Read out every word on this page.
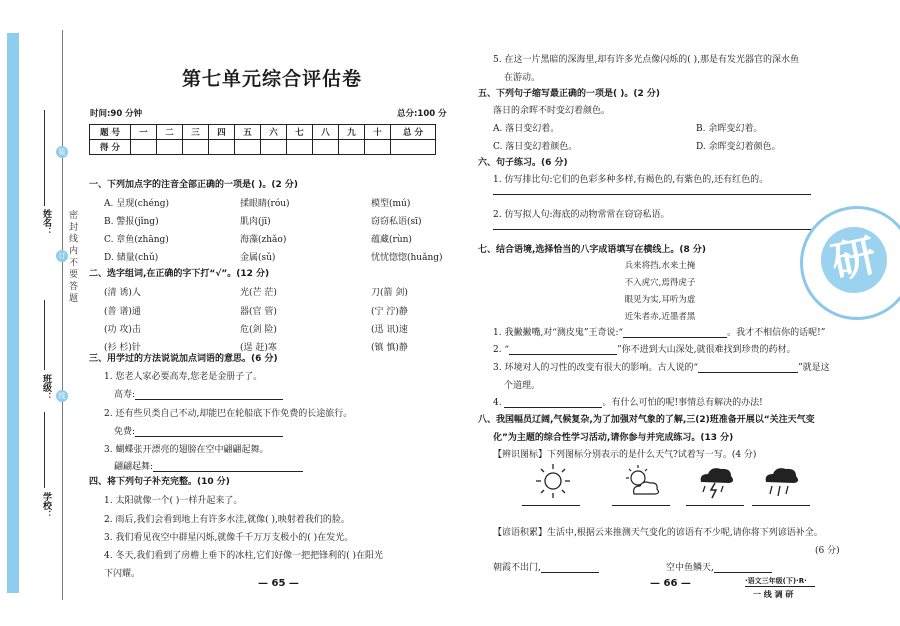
学校：
班级：
姓名：
装
订
线
密 封 线 内 不 要 答 题
第七单元综合评估卷
时间:90 分钟	总分:100 分
题 号	一	二	三	四	五	六	七	八	九	十	总 分
得 分											
一、下列加点字的注音全部正确的一项是( )。(2 分)
A. 呈现(chéng)	揉眼睛(róu)	模型(mú)
B. 警报(jǐng)	肌肉(jī)	窃窃私语(sī)
C. 章鱼(zhāng)	海藻(zhǎo)	蕴藏(rùn)
D. 储量(chǔ)	金属(sǔ)	忧忧惚惚(huǎng)
二、选字组词,在正确的字下打“√”。(12 分)
(清 诱)人	光(芒 茫)	刀(箭 剑)
(普 谱)通	器(官 管)	(宁 泞)静
(功 攻)击	危(剑 险)	(迅 讯)速
(衫 杉)针	(逞 赶)寒	(镇 慎)静
三、用学过的方法说说加点词语的意思。(6 分)
1. 您老人家必要高寿,您老是金册子了。
高寿:
2. 还有些贝类自己不动,却能巴在轮船底下作免费的长途旅行。
免费:
3. 蝴蝶张开漂亮的翅膀在空中翩翩起舞。
翩翩起舞:
四、将下列句子补充完整。(10 分)
1. 太阳就像一个( )一样升起来了。
2. 雨后,我们会看到地上有许多水洼,就像( ),映射着我们的脸。
3. 我们看见夜空中群星闪烁,就像千千万万支极小的( )在发光。
4. 冬天,我们看到了房檐上垂下的冰柱,它们好像一把把锋利的( )在阳光
下闪耀。
— 65 —
5. 在这一片黑暗的深海里,却有许多光点像闪烁的( ),那是有发光器官的深水鱼
在游动。
五、下列句子缩写最正确的一项是( )。(2 分)
落日的余晖不时变幻着颜色。
A. 落日变幻着。	B. 余晖变幻着。
C. 落日变幻着颜色。	D. 余晖变幻着颜色。
六、句子练习。(6 分)
1. 仿写排比句:它们的色彩多种多样,有褐色的,有紫色的,还有红色的。
2. 仿写拟人句:海底的动物常常在窃窃私语。
七、结合语境,选择恰当的八字成语填写在横线上。(8 分)
兵来将挡,水来土掩
不入虎穴,焉得虎子
眼见为实,耳听为虚
近朱者赤,近墨者黑
1. 我撇撇嘴,对“测皮鬼”王奇说:“	。我才不相信你的话呢!”
2. “	”你不进到大山深处,就很难找到珍贵的药材。
3. 环境对人的习性的改变有很大的影响。古人说的“	”就是这
个道理。
4.	。有什么可怕的呢!事情总有解决的办法!
八、我国幅员辽阔,气候复杂,为了加强对气象的了解,三(2)班准备开展以“关注天气变
化”为主题的综合性学习活动,请你参与并完成练习。(13 分)
【辨识图标】下列图标分别表示的是什么天气?试着写一写。(4 分)
【谚语积累】生活中,根据云来推测天气变化的谚语有不少呢,请你将下列谚语补全。
(6 分)
朝霞不出门,	空中鱼鳞天,
— 66 —	·语文三年级(下)·R·
一 线 调 研
研
